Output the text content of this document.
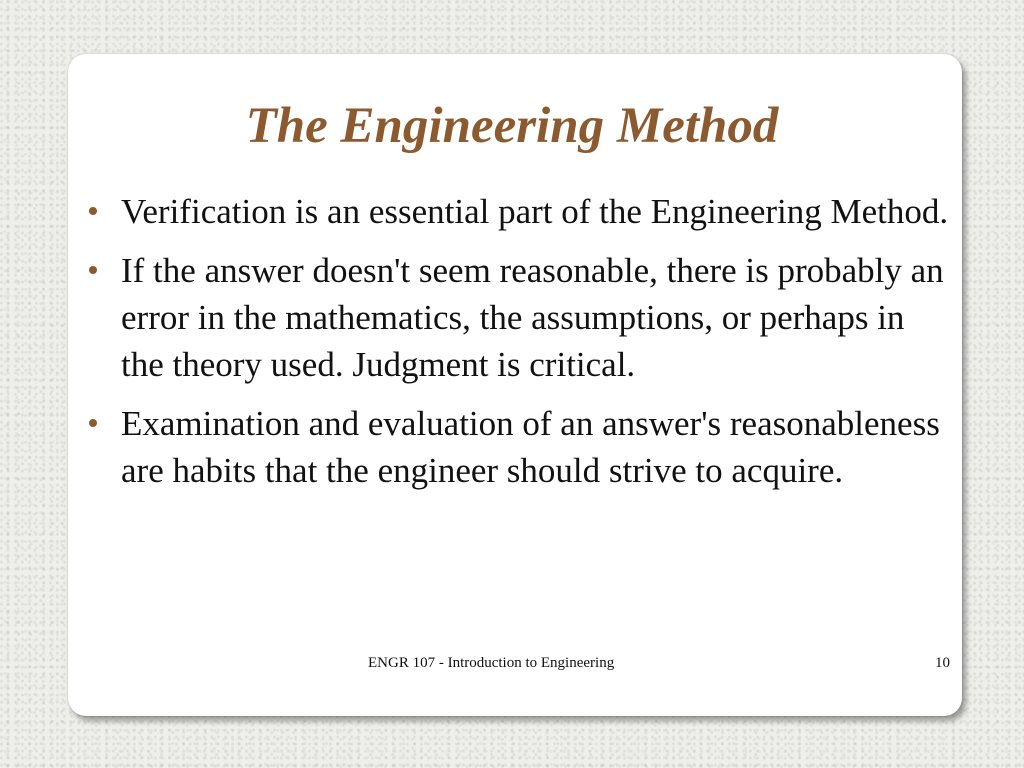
The Engineering Method
Verification is an essential part of the Engineering Method.
If the answer doesn't seem reasonable, there is probably an error in the mathematics, the assumptions, or perhaps in the theory used. Judgment is critical.
Examination and evaluation of an answer's reasonableness are habits that the engineer should strive to acquire.
ENGR 107 - Introduction to Engineering	10
